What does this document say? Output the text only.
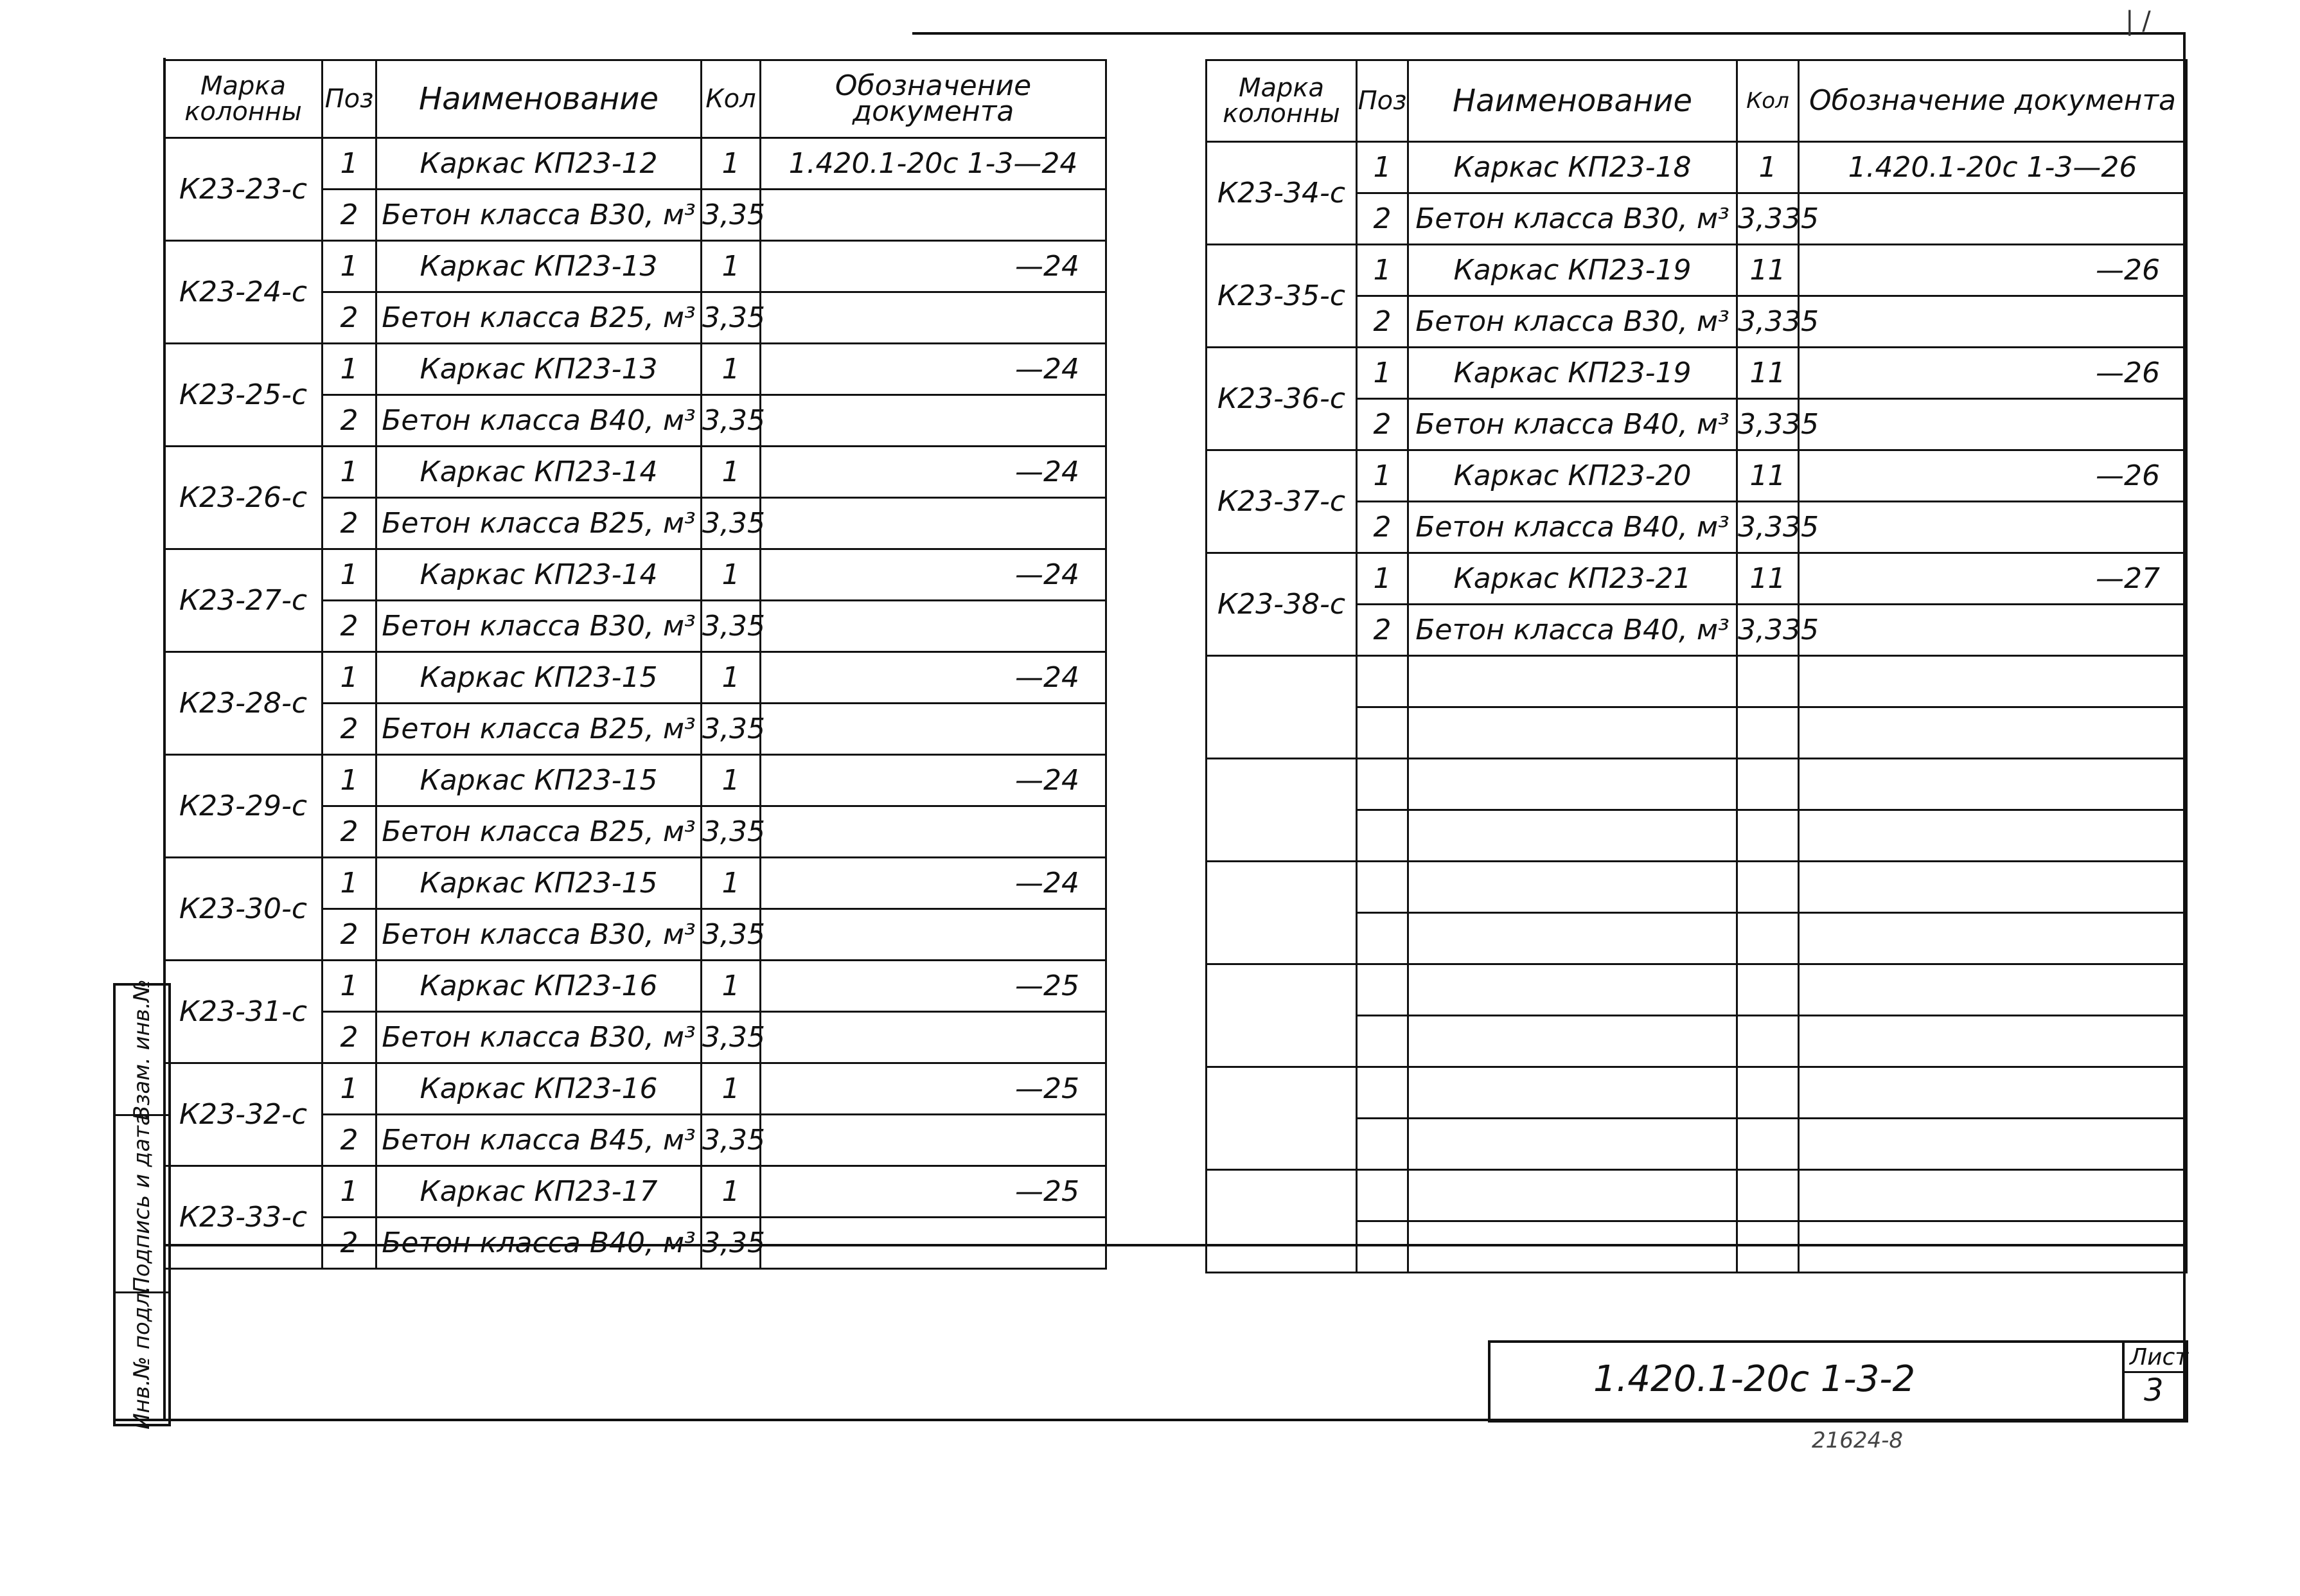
| /
Марка колонны	Поз	Наименование	Кол	Обозначение документа
К23-23-с	1	Каркас КП23-12	1	1.420.1-20с 1-3—24
	2	Бетон класса В30, м³	3,35	
К23-24-с	1	Каркас КП23-13	1	—24
	2	Бетон класса В25, м³	3,35	
К23-25-с	1	Каркас КП23-13	1	—24
	2	Бетон класса В40, м³	3,35	
К23-26-с	1	Каркас КП23-14	1	—24
	2	Бетон класса В25, м³	3,35	
К23-27-с	1	Каркас КП23-14	1	—24
	2	Бетон класса В30, м³	3,35	
К23-28-с	1	Каркас КП23-15	1	—24
	2	Бетон класса В25, м³	3,35	
К23-29-с	1	Каркас КП23-15	1	—24
	2	Бетон класса В25, м³	3,35	
К23-30-с	1	Каркас КП23-15	1	—24
	2	Бетон класса В30, м³	3,35	
К23-31-с	1	Каркас КП23-16	1	—25
	2	Бетон класса В30, м³	3,35	
К23-32-с	1	Каркас КП23-16	1	—25
	2	Бетон класса В45, м³	3,35	
К23-33-с	1	Каркас КП23-17	1	—25
	2	Бетон класса В40, м³	3,35	
Марка колонны	Поз	Наименование	Кол	Обозначение документа
К23-34-с	1	Каркас КП23-18	1	1.420.1-20с 1-3—26
	2	Бетон класса В30, м³	3,335	
К23-35-с	1	Каркас КП23-19	11	—26
	2	Бетон класса В30, м³	3,335	
К23-36-с	1	Каркас КП23-19	11	—26
	2	Бетон класса В40, м³	3,335	
К23-37-с	1	Каркас КП23-20	11	—26
	2	Бетон класса В40, м³	3,335	
К23-38-с	1	Каркас КП23-21	11	—27
	2	Бетон класса В40, м³	3,335	

1.420.1-20с 1-3-2
Лист
3
Взам. инв.№
Подпись и дата
Инв.№ подл.
21624-8
